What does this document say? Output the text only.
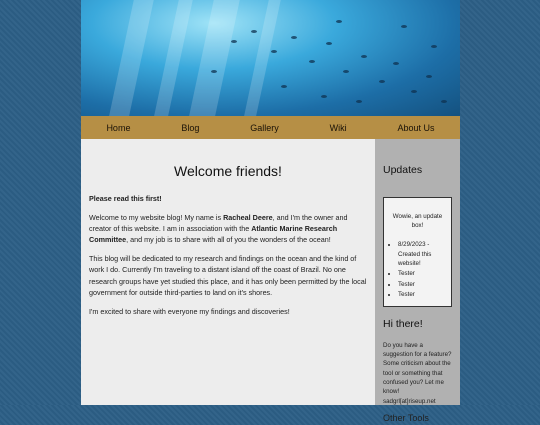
Home	Blog	Gallery	Wiki	About Us
Welcome friends!

Please read this first!

Welcome to my website blog! My name is Racheal Deere, and I'm the owner and creator of this website. I am in association with the Atlantic Marine Research Committee, and my job is to share with all of you the wonders of the ocean!

This blog will be dedicated to my research and findings on the ocean and the kind of work I do. Currently I'm traveling to a distant island off the coast of Brazil. No one research groups have yet studied this place, and it has only been permitted by the local government for outside third-parties to land on it's shores.

I'm excited to share with everyone my findings and discoveries!

Updates
Wowie, an update box!
• 8/29/2023 - Created this website!
• Tester
• Tester
• Tester
Hi there!
Do you have a suggestion for a feature? Some criticism about the tool or something that confused you? Let me know! sadgrl[at]riseup.net
Other Tools
